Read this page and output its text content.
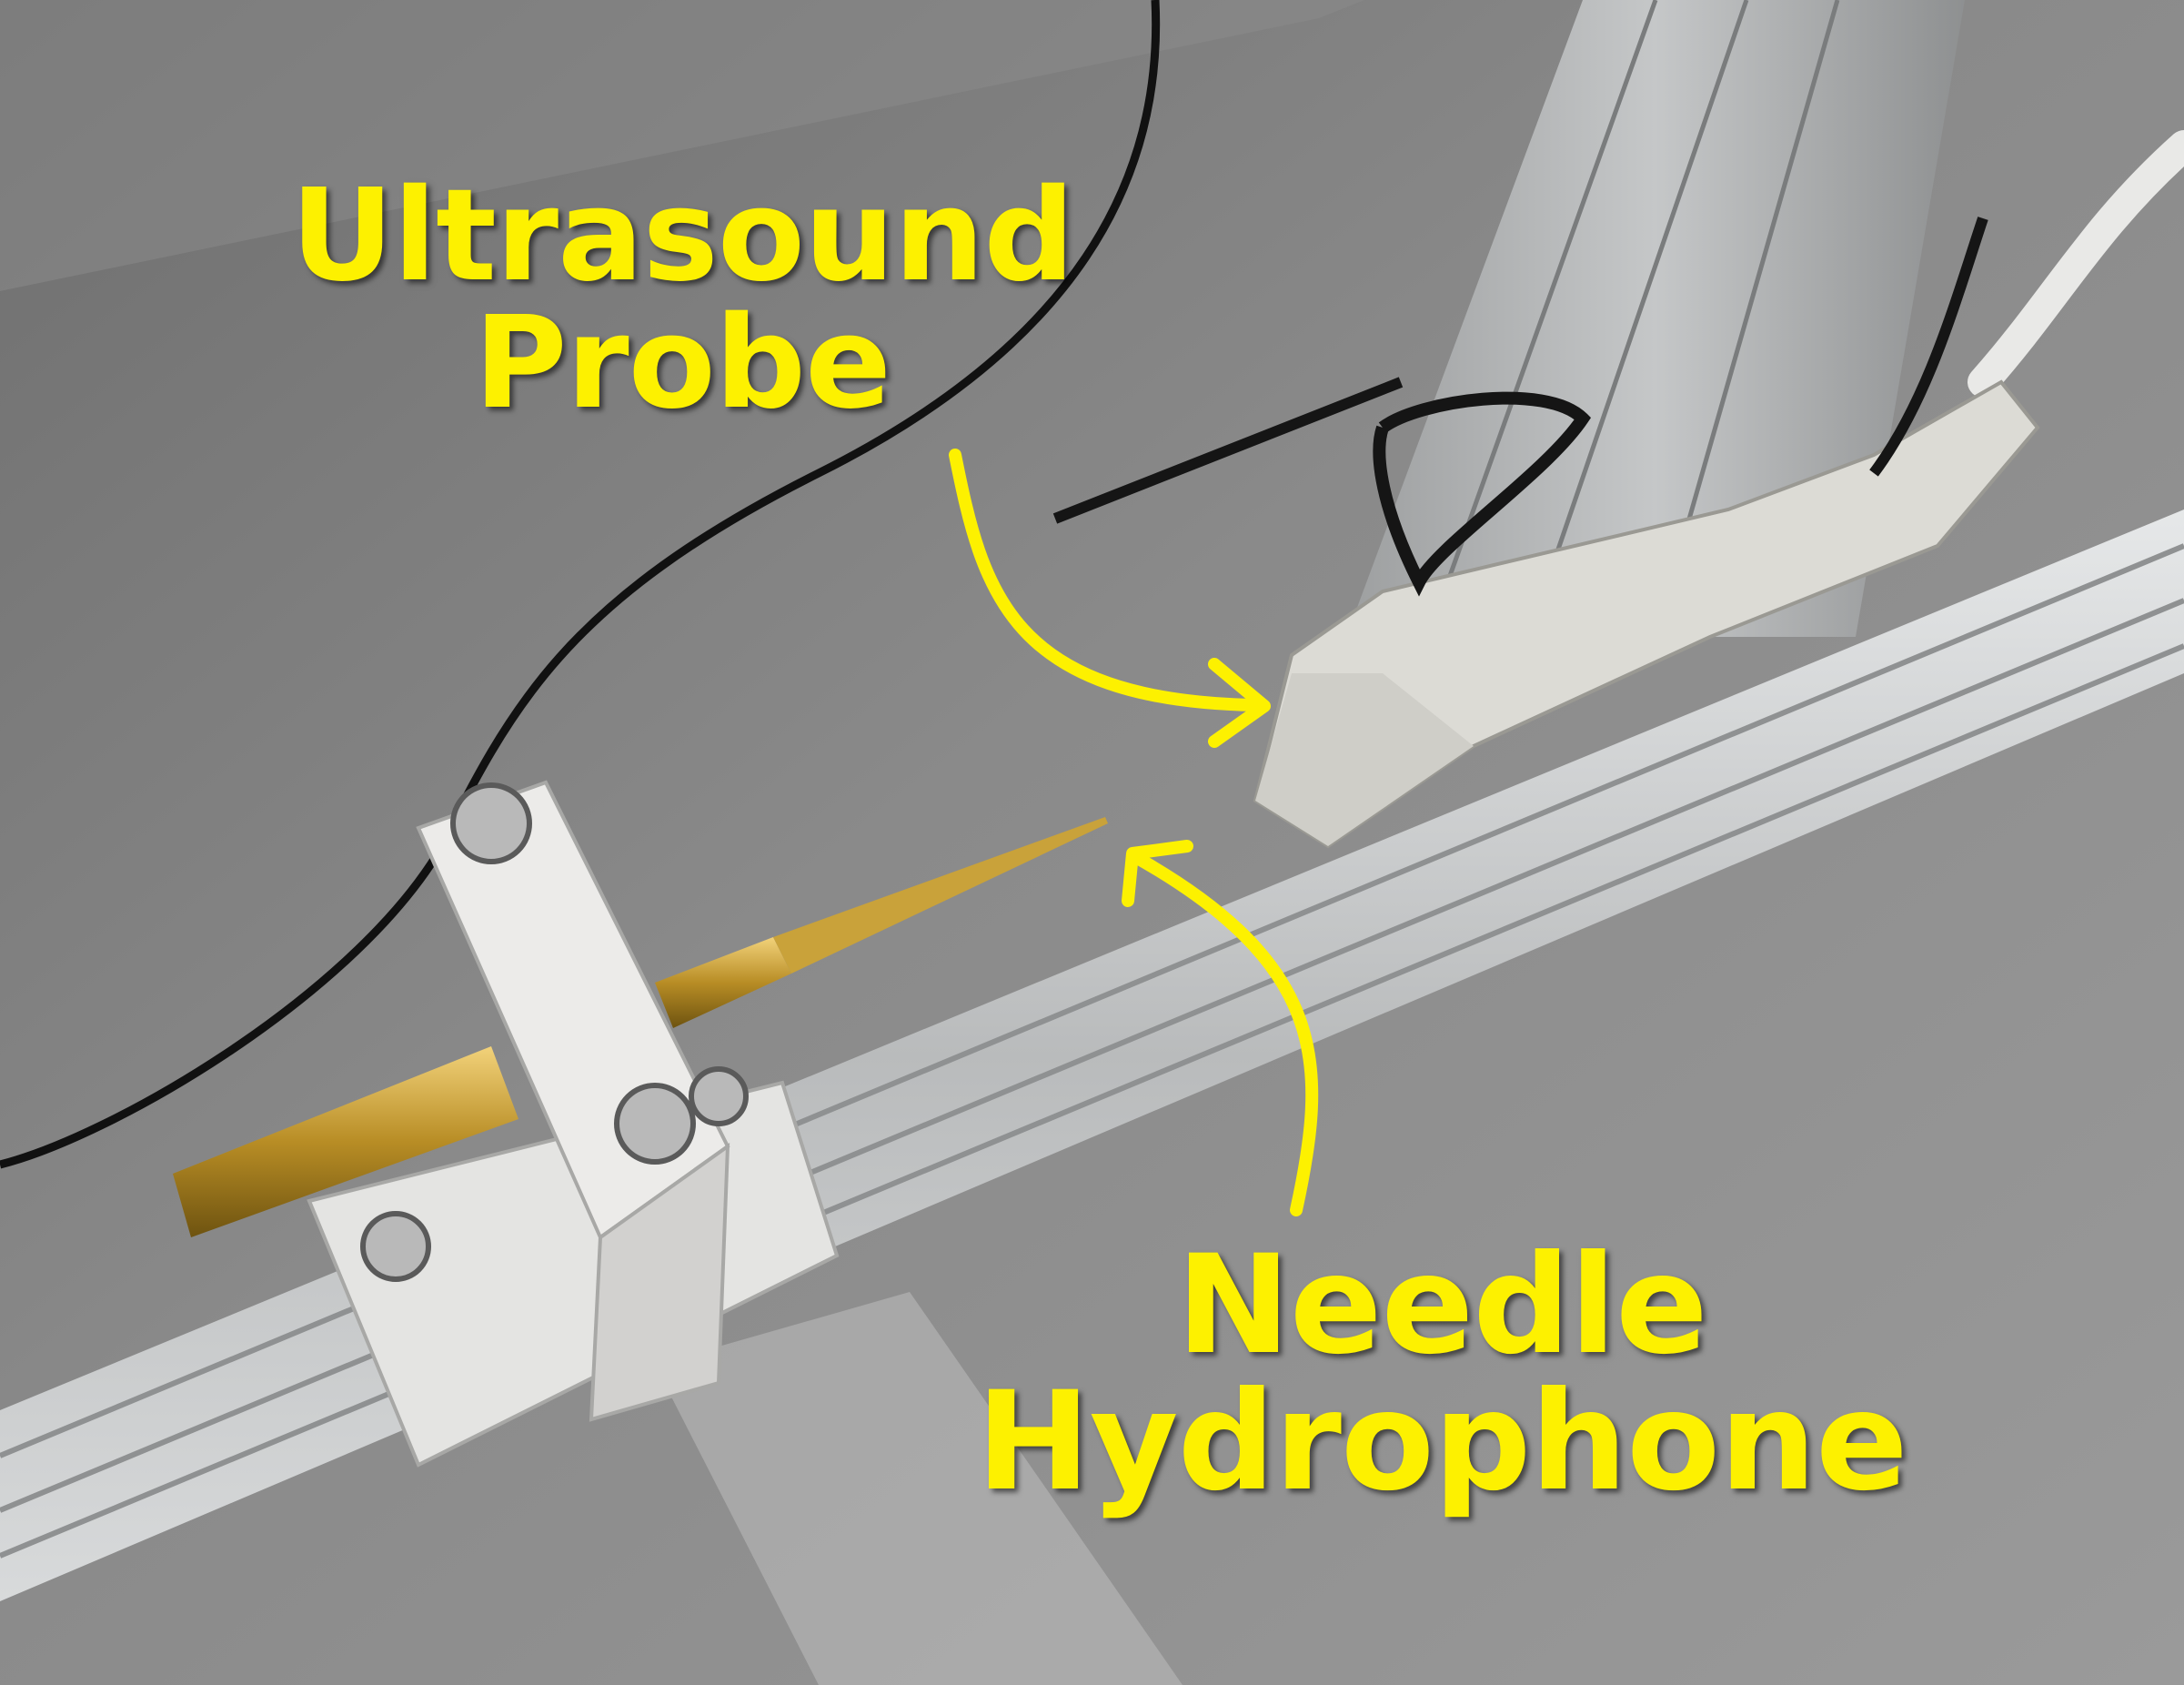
Ultrasound
Probe
Needle
Hydrophone
